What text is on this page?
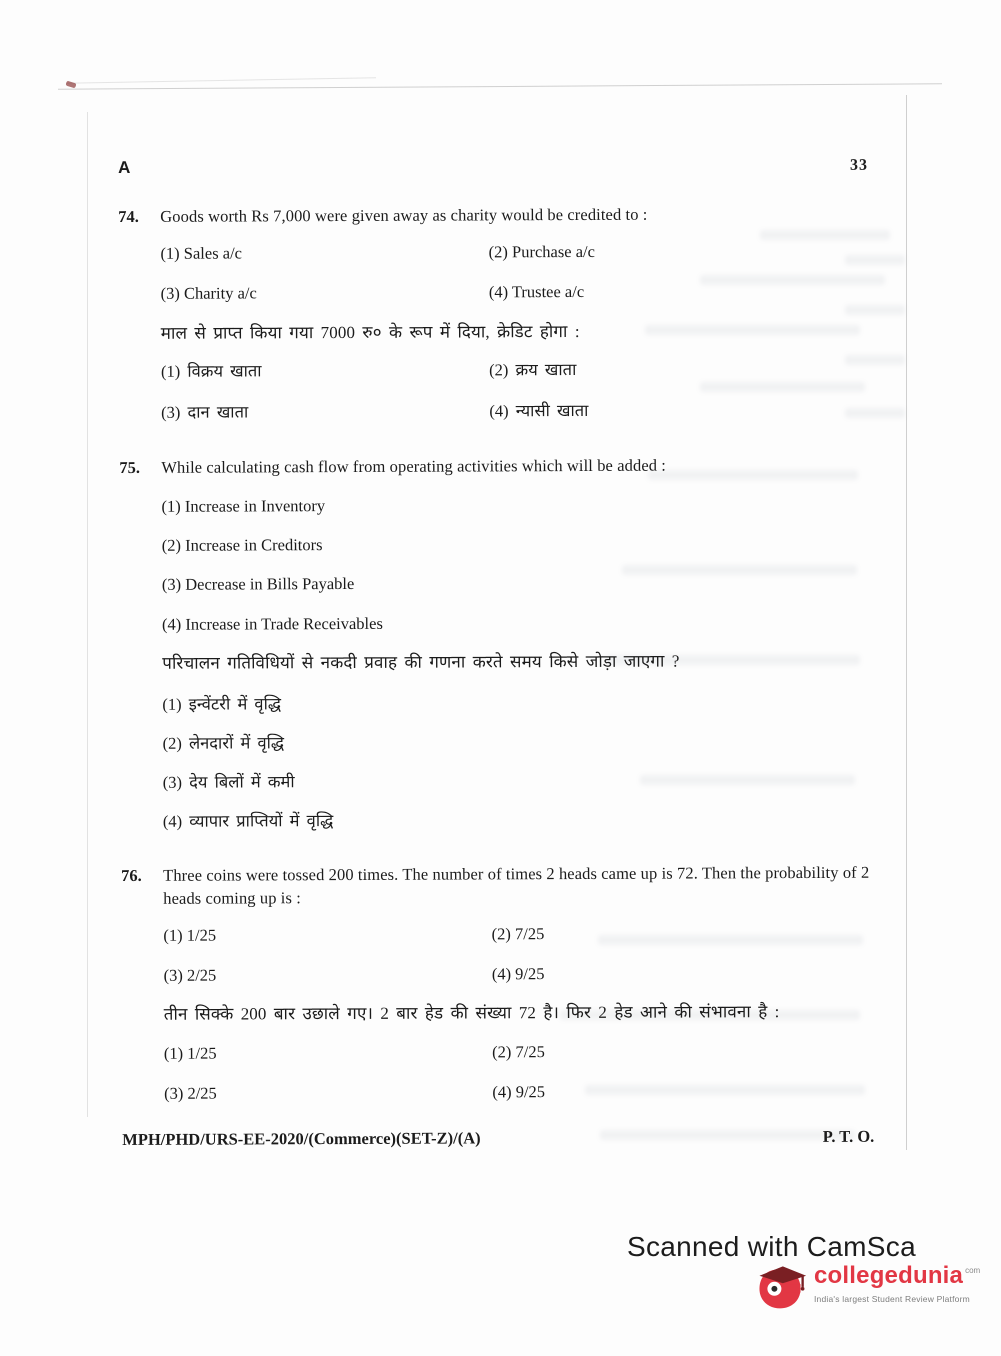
A	33
74.	Goods worth Rs 7,000 were given away as charity would be credited to :

(1) Sales a/c	(2) Purchase a/c
(3) Charity a/c	(4) Trustee a/c

माल से प्राप्त किया गया 7000 रु० के रूप में दिया, क्रेडिट होगा :

(1) विक्रय खाता	(2) क्रय खाता
(3) दान खाता	(4) न्यासी खाता
75.	While calculating cash flow from operating activities which will be added :

(1) Increase in Inventory
(2) Increase in Creditors
(3) Decrease in Bills Payable
(4) Increase in Trade Receivables

परिचालन गतिविधियों से नकदी प्रवाह की गणना करते समय किसे जोड़ा जाएगा ?

(1) इन्वेंटरी में वृद्धि
(2) लेनदारों में वृद्धि
(3) देय बिलों में कमी
(4) व्यापार प्राप्तियों में वृद्धि
76.	Three coins were tossed 200 times. The number of times 2 heads came up is 72. Then the probability of 2 heads coming up is :

(1) 1/25	(2) 7/25
(3) 2/25	(4) 9/25

तीन सिक्के 200 बार उछाले गए। 2 बार हेड की संख्या 72 है। फिर 2 हेड आने की संभावना है :

(1) 1/25	(2) 7/25
(3) 2/25	(4) 9/25
MPH/PHD/URS-EE-2020/(Commerce)(SET-Z)/(A)	P. T. O.
Scanned with CamSca
collegedunia com
India's largest Student Review Platform
